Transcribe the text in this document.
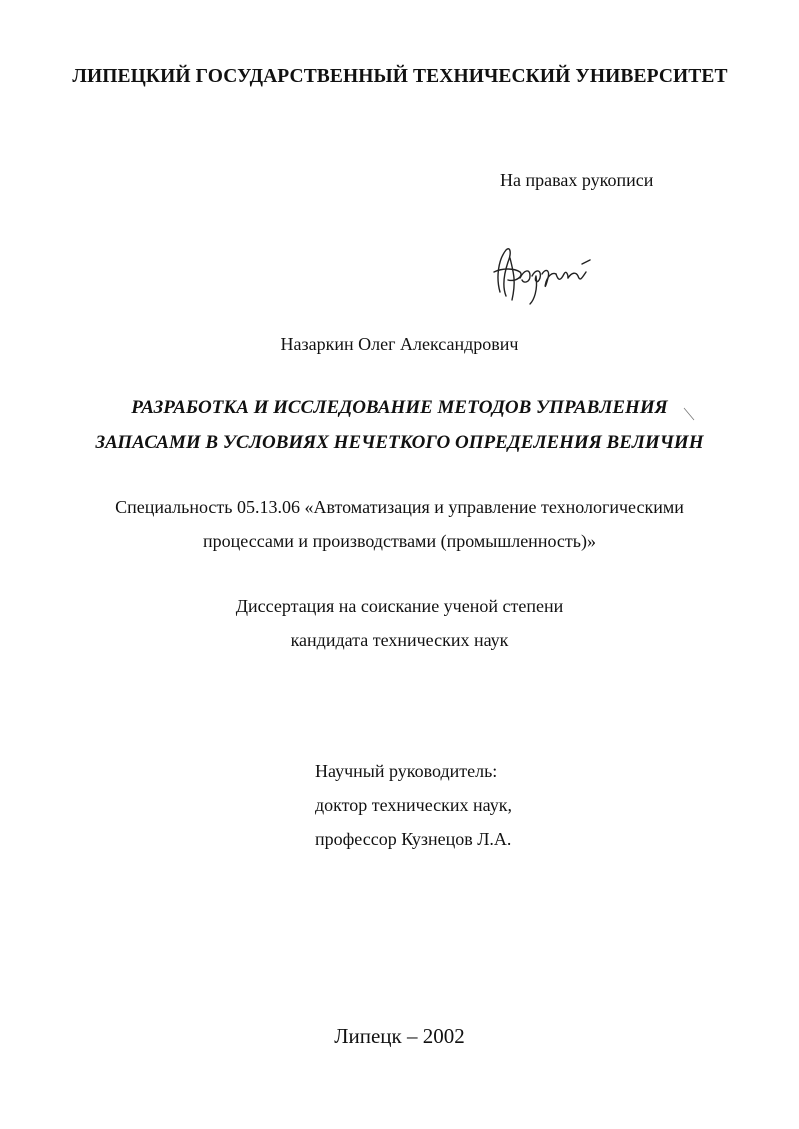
ЛИПЕЦКИЙ ГОСУДАРСТВЕННЫЙ ТЕХНИЧЕСКИЙ УНИВЕРСИТЕТ
На правах рукописи
Назаркин Олег Александрович
РАЗРАБОТКА И ИССЛЕДОВАНИЕ МЕТОДОВ УПРАВЛЕНИЯ
ЗАПАСАМИ В УСЛОВИЯХ НЕЧЕТКОГО ОПРЕДЕЛЕНИЯ ВЕЛИЧИН
Специальность 05.13.06 «Автоматизация и управление технологическими
процессами и производствами (промышленность)»
Диссертация на соискание ученой степени
кандидата технических наук
Научный руководитель:
доктор технических наук,
профессор Кузнецов Л.А.
Липецк – 2002
